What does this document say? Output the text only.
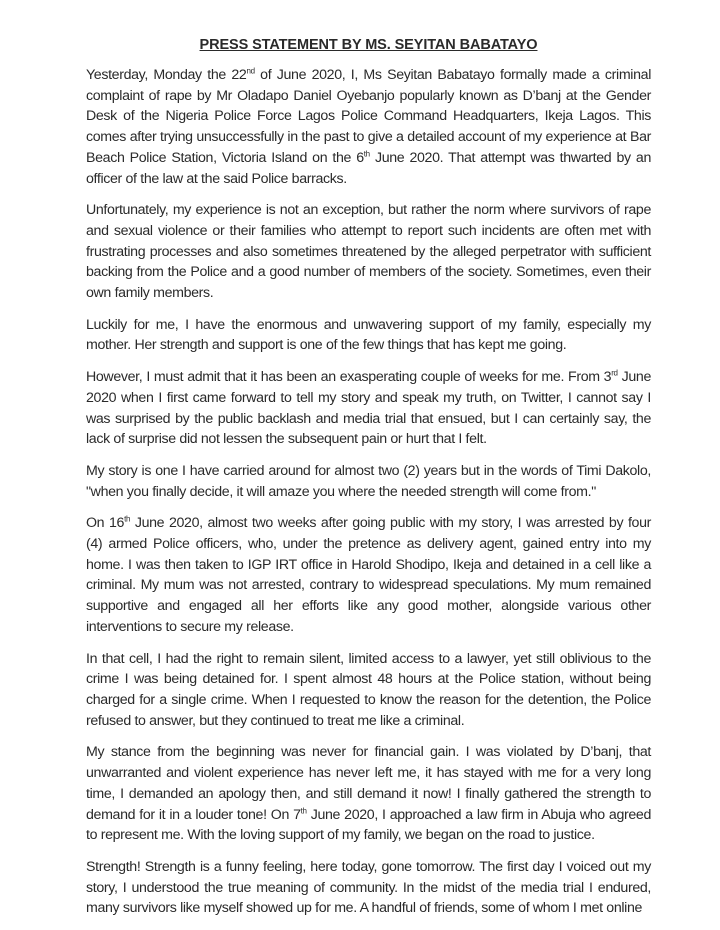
PRESS STATEMENT BY MS. SEYITAN BABATAYO

Yesterday, Monday the 22nd of June 2020, I, Ms Seyitan Babatayo formally made a criminal complaint of rape by Mr Oladapo Daniel Oyebanjo popularly known as D’banj at the Gender Desk of the Nigeria Police Force Lagos Police Command Headquarters, Ikeja Lagos. This comes after trying unsuccessfully in the past to give a detailed account of my experience at Bar Beach Police Station, Victoria Island on the 6th June 2020. That attempt was thwarted by an officer of the law at the said Police barracks.

Unfortunately, my experience is not an exception, but rather the norm where survivors of rape and sexual violence or their families who attempt to report such incidents are often met with frustrating processes and also sometimes threatened by the alleged perpetrator with sufficient backing from the Police and a good number of members of the society. Sometimes, even their own family members.

Luckily for me, I have the enormous and unwavering support of my family, especially my mother. Her strength and support is one of the few things that has kept me going.

However, I must admit that it has been an exasperating couple of weeks for me. From 3rd June 2020 when I first came forward to tell my story and speak my truth, on Twitter, I cannot say I was surprised by the public backlash and media trial that ensued, but I can certainly say, the lack of surprise did not lessen the subsequent pain or hurt that I felt.

My story is one I have carried around for almost two (2) years but in the words of Timi Dakolo, "when you finally decide, it will amaze you where the needed strength will come from."

On 16th June 2020, almost two weeks after going public with my story, I was arrested by four (4) armed Police officers, who, under the pretence as delivery agent, gained entry into my home. I was then taken to IGP IRT office in Harold Shodipo, Ikeja and detained in a cell like a criminal. My mum was not arrested, contrary to widespread speculations. My mum remained supportive and engaged all her efforts like any good mother, alongside various other interventions to secure my release.

In that cell, I had the right to remain silent, limited access to a lawyer, yet still oblivious to the crime I was being detained for. I spent almost 48 hours at the Police station, without being charged for a single crime. When I requested to know the reason for the detention, the Police refused to answer, but they continued to treat me like a criminal.

My stance from the beginning was never for financial gain. I was violated by D’banj, that unwarranted and violent experience has never left me, it has stayed with me for a very long time, I demanded an apology then, and still demand it now! I finally gathered the strength to demand for it in a louder tone! On 7th June 2020, I approached a law firm in Abuja who agreed to represent me. With the loving support of my family, we began on the road to justice.

Strength! Strength is a funny feeling, here today, gone tomorrow. The first day I voiced out my story, I understood the true meaning of community. In the midst of the media trial I endured, many survivors like myself showed up for me. A handful of friends, some of whom I met online
